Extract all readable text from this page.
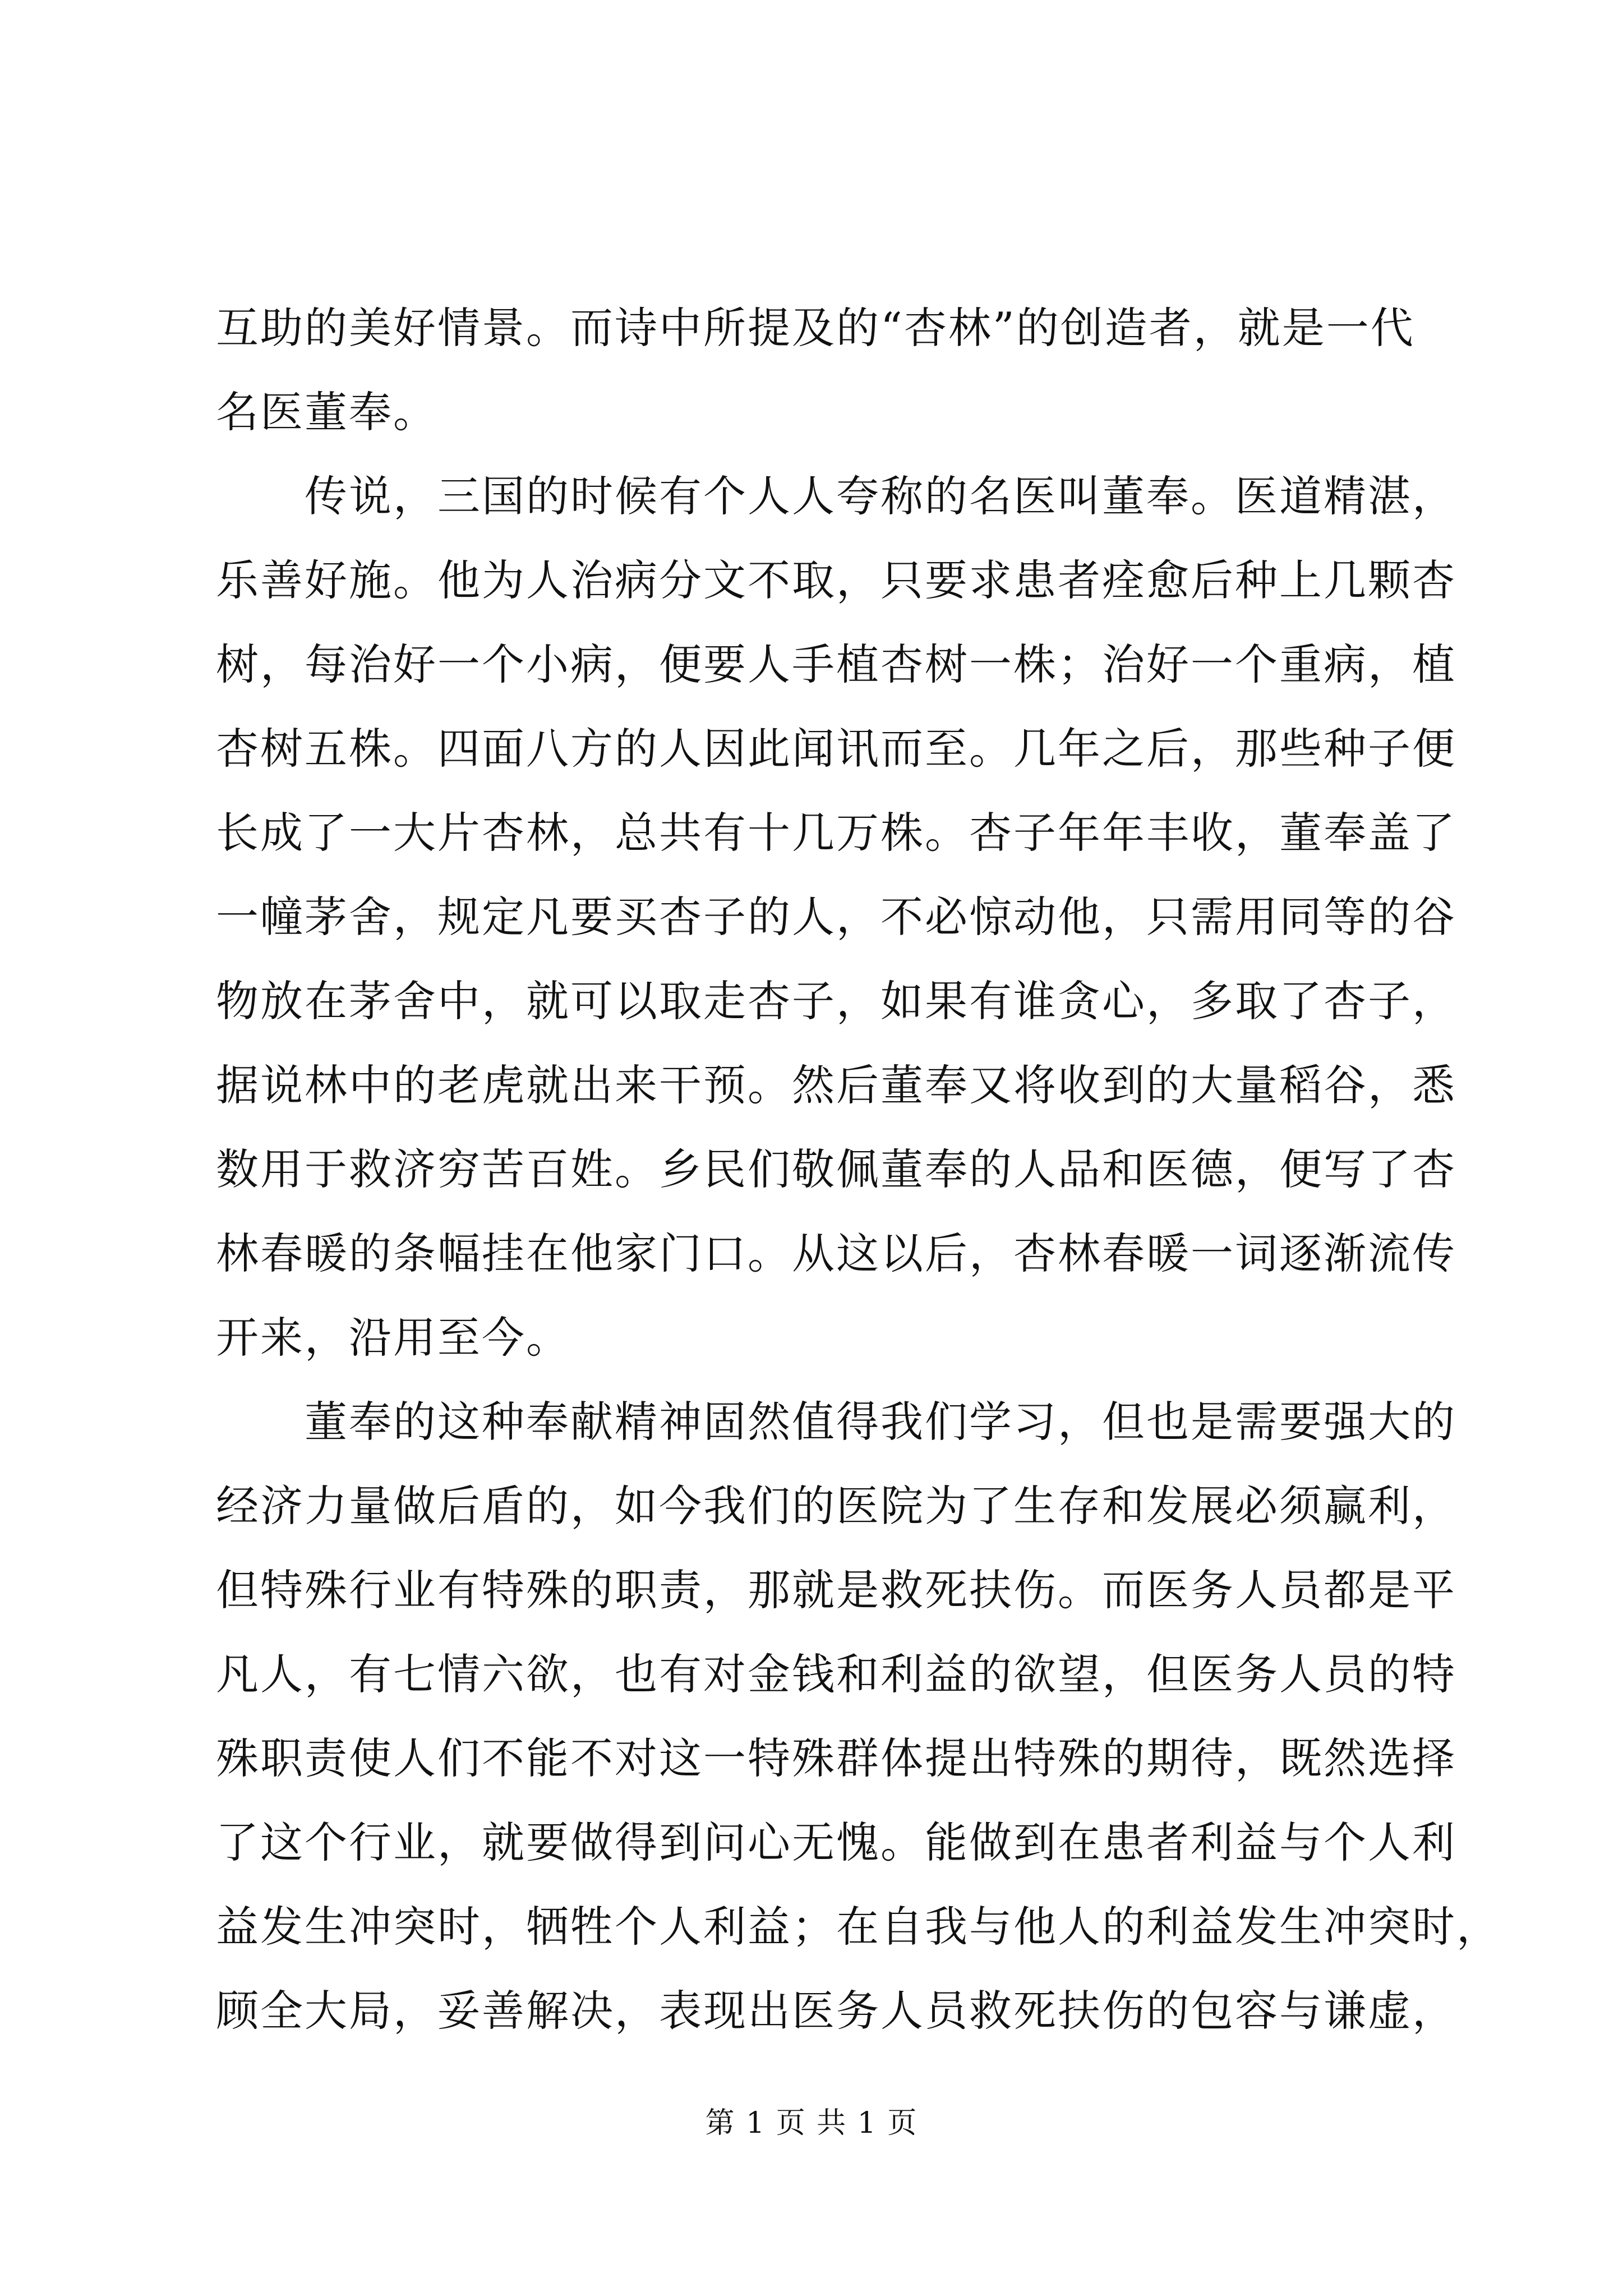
互助的美好情景。而诗中所提及的“杏林”的创造者，就是一代
名医董奉。
　　传说，三国的时候有个人人夸称的名医叫董奉。医道精湛，
乐善好施。他为人治病分文不取，只要求患者痊愈后种上几颗杏
树，每治好一个小病，便要人手植杏树一株；治好一个重病，植
杏树五株。四面八方的人因此闻讯而至。几年之后，那些种子便
长成了一大片杏林，总共有十几万株。杏子年年丰收，董奉盖了
一幢茅舍，规定凡要买杏子的人，不必惊动他，只需用同等的谷
物放在茅舍中，就可以取走杏子，如果有谁贪心，多取了杏子，
据说林中的老虎就出来干预。然后董奉又将收到的大量稻谷，悉
数用于救济穷苦百姓。乡民们敬佩董奉的人品和医德，便写了杏
林春暖的条幅挂在他家门口。从这以后，杏林春暖一词逐渐流传
开来，沿用至今。
　　董奉的这种奉献精神固然值得我们学习，但也是需要强大的
经济力量做后盾的，如今我们的医院为了生存和发展必须赢利，
但特殊行业有特殊的职责，那就是救死扶伤。而医务人员都是平
凡人，有七情六欲，也有对金钱和利益的欲望，但医务人员的特
殊职责使人们不能不对这一特殊群体提出特殊的期待，既然选择
了这个行业，就要做得到问心无愧。能做到在患者利益与个人利
益发生冲突时，牺牲个人利益；在自我与他人的利益发生冲突时，
顾全大局，妥善解决，表现出医务人员救死扶伤的包容与谦虚，
第 1 页 共 1 页
